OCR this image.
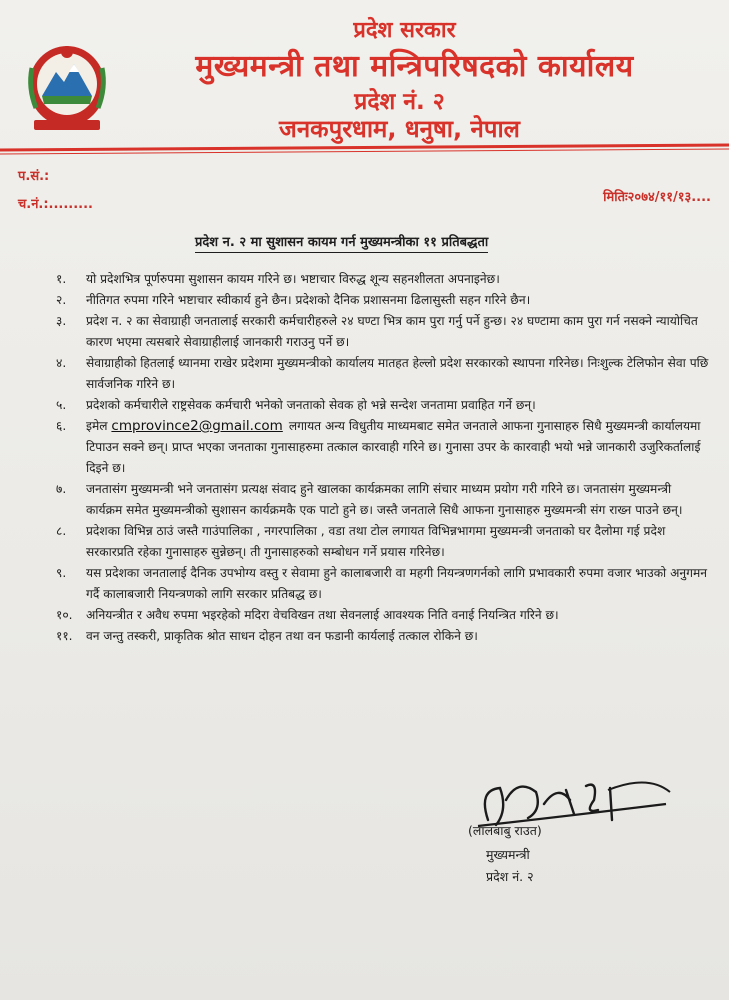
प्रदेश सरकार
मुख्यमन्त्री तथा मन्त्रिपरिषदको कार्यालय
प्रदेश नं. २
जनकपुरधाम, धनुषा, नेपाल
प.सं.:
च.नं.:.........	मितिः२०७४/११/१३....
प्रदेश न. २ मा सुशासन कायम गर्न मुख्यमन्त्रीका ११ प्रतिबद्धता
१.	यो प्रदेशभित्र पूर्णरुपमा सुशासन कायम गरिने छ। भष्टाचार विरुद्ध शून्य सहनशीलता अपनाइनेछ।
२.	नीतिगत रुपमा गरिने भष्टाचार स्वीकार्य हुने छैन। प्रदेशको दैनिक प्रशासनमा ढिलासुस्ती सहन गरिने छैन।
३.	प्रदेश न. २ का सेवाग्राही जनतालाई सरकारी कर्मचारीहरुले २४ घण्टा भित्र काम पुरा गर्नु पर्ने हुन्छ। २४ घण्टामा काम पुरा गर्न नसक्ने न्यायोचित कारण भएमा त्यसबारे सेवाग्राहीलाई जानकारी गराउनु पर्ने छ।
४.	सेवाग्राहीको हितलाई ध्यानमा राखेर प्रदेशमा मुख्यमन्त्रीको कार्यालय मातहत हेल्लो प्रदेश सरकारको स्थापना गरिनेछ। निःशुल्क टेलिफोन सेवा पछि सार्वजनिक गरिने छ।
५.	प्रदेशको कर्मचारीले राष्ट्रसेवक कर्मचारी भनेको जनताको सेवक हो भन्ने सन्देश जनतामा प्रवाहित गर्ने छन्।
६.	इमेल cmprovince2@gmail.com लगायत अन्य विधुतीय माध्यमबाट समेत जनताले आफना गुनासाहरु सिधै मुख्यमन्त्री कार्यालयमा टिपाउन सक्ने छन्। प्राप्त भएका जनताका गुनासाहरुमा तत्काल कारवाही गरिने छ। गुनासा उपर के कारवाही भयो भन्ने जानकारी उजुरिकर्तालाई दिइने छ।
७.	जनतासंग मुख्यमन्त्री भने जनतासंग प्रत्यक्ष संवाद हुने खालका कार्यक्रमका लागि संचार माध्यम प्रयोग गरी गरिने छ। जनतासंग मुख्यमन्त्री कार्यक्रम समेत मुख्यमन्त्रीको सुशासन कार्यक्रमकै एक पाटो हुने छ। जस्तै जनताले सिधै आफना गुनासाहरु मुख्यमन्त्री संग राख्न पाउने छन्।
८.	प्रदेशका विभिन्न ठाउं जस्तै गाउंपालिका , नगरपालिका , वडा तथा टोल लगायत विभिन्नभागमा मुख्यमन्त्री जनताको घर दैलोमा गई प्रदेश सरकारप्रति रहेका गुनासाहरु सुन्नेछन्। ती गुनासाहरुको सम्बोधन गर्ने प्रयास गरिनेछ।
९.	यस प्रदेशका जनतालाई दैनिक उपभोग्य वस्तु र सेवामा हुने कालाबजारी वा महगी नियन्त्रणगर्नको लागि प्रभावकारी रुपमा वजार भाउको अनुगमन गर्दै कालाबजारी नियन्त्रणको लागि सरकार प्रतिबद्ध छ।
१०.	अनियन्त्रीत र अवैध रुपमा भइरहेको मदिरा वेचविखन तथा सेवनलाई आवश्यक निति वनाई नियन्त्रित गरिने छ।
११.	वन जन्तु तस्करी, प्राकृतिक श्रोत साधन दोहन तथा वन फडानी कार्यलाई तत्काल रोकिने छ।
(लालबाबु राउत)
मुख्यमन्त्री
प्रदेश नं. २
